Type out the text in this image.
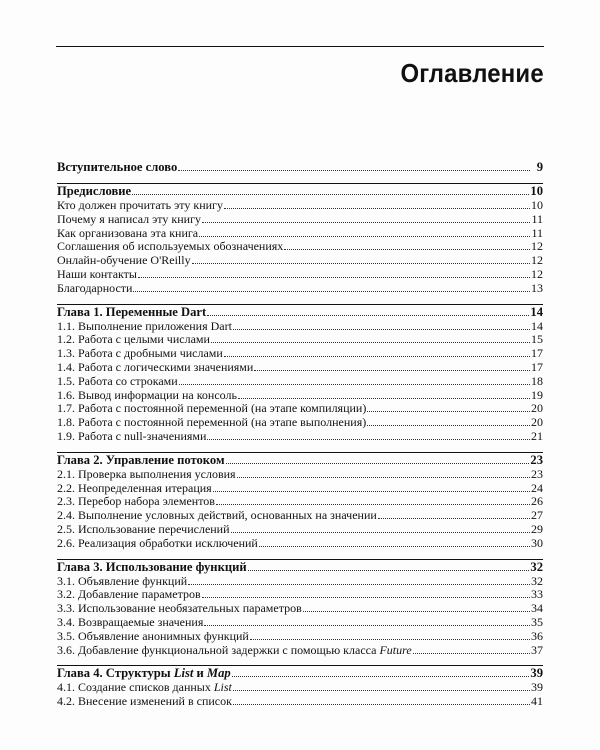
Оглавление
Вступительное слово	9
Предисловие	10
Кто должен прочитать эту книгу	10
Почему я написал эту книгу	11
Как организована эта книга	11
Соглашения об используемых обозначениях	12
Онлайн-обучение O'Reilly	12
Наши контакты	12
Благодарности	13
Глава 1. Переменные Dart	14
1.1. Выполнение приложения Dart	14
1.2. Работа с целыми числами	15
1.3. Работа с дробными числами	17
1.4. Работа с логическими значениями	17
1.5. Работа со строками	18
1.6. Вывод информации на консоль	19
1.7. Работа с постоянной переменной (на этапе компиляции)	20
1.8. Работа с постоянной переменной (на этапе выполнения)	20
1.9. Работа с null-значениями	21
Глава 2. Управление потоком	23
2.1. Проверка выполнения условия	23
2.2. Неопределенная итерация	24
2.3. Перебор набора элементов	26
2.4. Выполнение условных действий, основанных на значении	27
2.5. Использование перечислений	29
2.6. Реализация обработки исключений	30
Глава 3. Использование функций	32
3.1. Объявление функций	32
3.2. Добавление параметров	33
3.3. Использование необязательных параметров	34
3.4. Возвращаемые значения	35
3.5. Объявление анонимных функций	36
3.6. Добавление функциональной задержки с помощью класса Future	37
Глава 4. Структуры List и Map	39
4.1. Создание списков данных List	39
4.2. Внесение изменений в список	41
